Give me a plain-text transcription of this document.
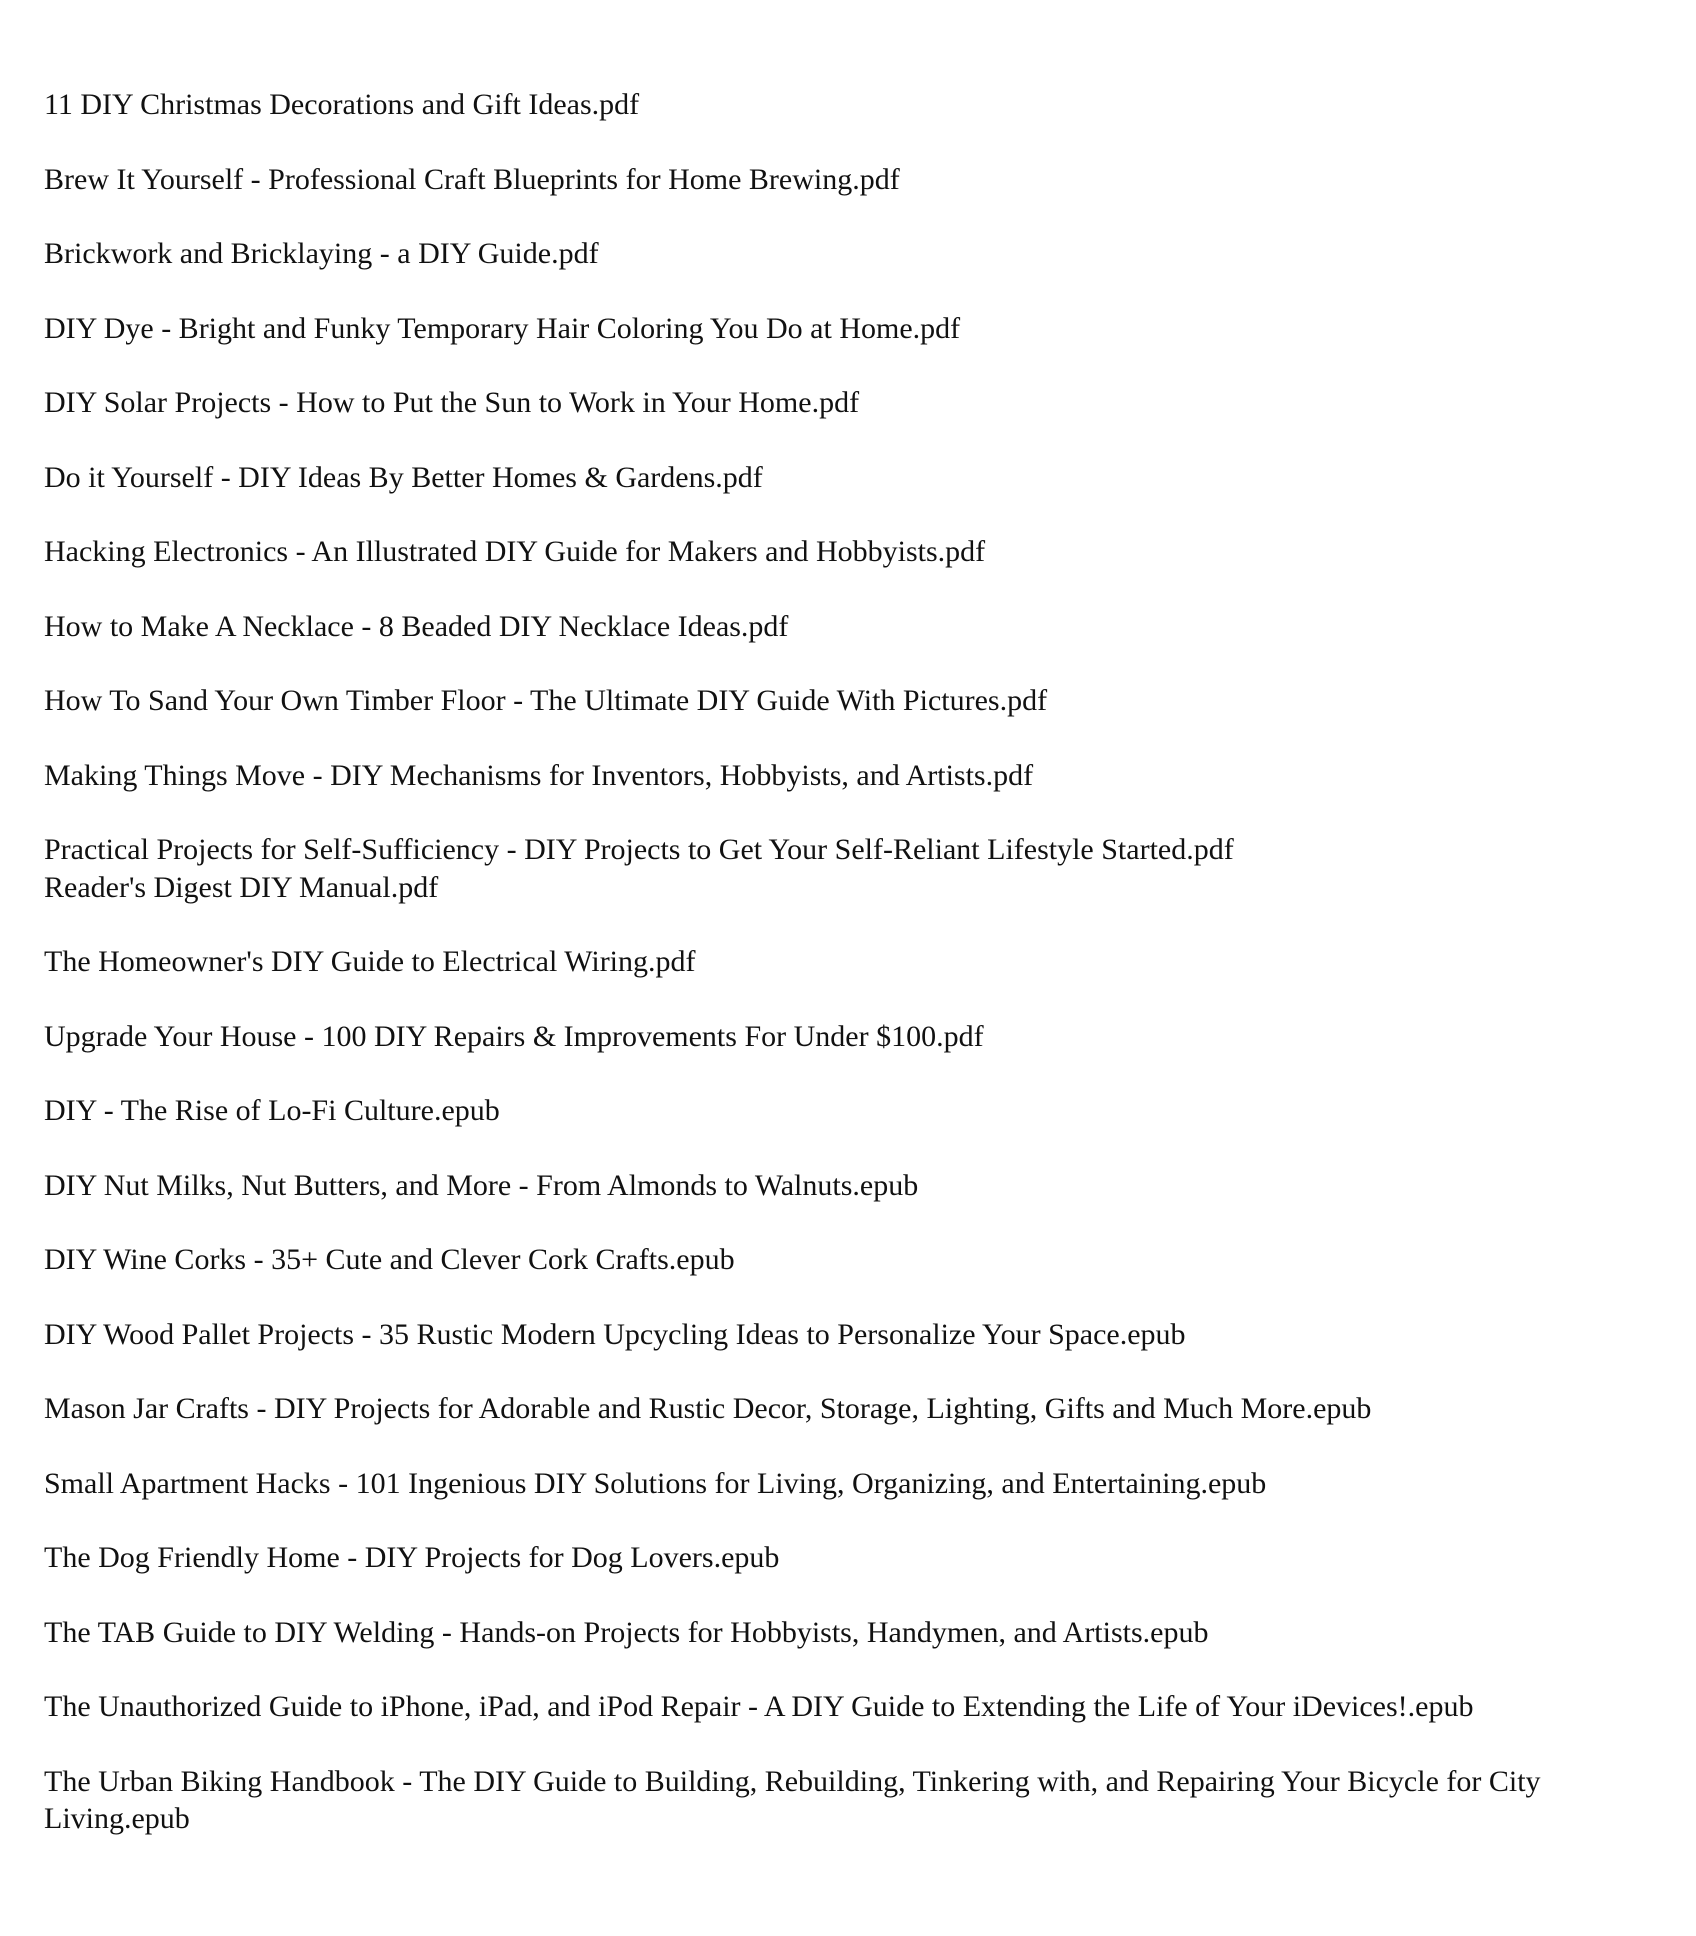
11 DIY Christmas Decorations and Gift Ideas.pdf
Brew It Yourself - Professional Craft Blueprints for Home Brewing.pdf
Brickwork and Bricklaying - a DIY Guide.pdf
DIY Dye - Bright and Funky Temporary Hair Coloring You Do at Home.pdf
DIY Solar Projects - How to Put the Sun to Work in Your Home.pdf
Do it Yourself - DIY Ideas By Better Homes & Gardens.pdf
Hacking Electronics - An Illustrated DIY Guide for Makers and Hobbyists.pdf
How to Make A Necklace - 8 Beaded DIY Necklace Ideas.pdf
How To Sand Your Own Timber Floor - The Ultimate DIY Guide With Pictures.pdf
Making Things Move - DIY Mechanisms for Inventors, Hobbyists, and Artists.pdf
Practical Projects for Self-Sufficiency - DIY Projects to Get Your Self-Reliant Lifestyle Started.pdf
Reader's Digest DIY Manual.pdf
The Homeowner's DIY Guide to Electrical Wiring.pdf
Upgrade Your House - 100 DIY Repairs & Improvements For Under $100.pdf
DIY - The Rise of Lo-Fi Culture.epub
DIY Nut Milks, Nut Butters, and More - From Almonds to Walnuts.epub
DIY Wine Corks - 35+ Cute and Clever Cork Crafts.epub
DIY Wood Pallet Projects - 35 Rustic Modern Upcycling Ideas to Personalize Your Space.epub
Mason Jar Crafts - DIY Projects for Adorable and Rustic Decor, Storage, Lighting, Gifts and Much More.epub
Small Apartment Hacks - 101 Ingenious DIY Solutions for Living, Organizing, and Entertaining.epub
The Dog Friendly Home - DIY Projects for Dog Lovers.epub
The TAB Guide to DIY Welding - Hands-on Projects for Hobbyists, Handymen, and Artists.epub
The Unauthorized Guide to iPhone, iPad, and iPod Repair - A DIY Guide to Extending the Life of Your iDevices!.epub
The Urban Biking Handbook - The DIY Guide to Building, Rebuilding, Tinkering with, and Repairing Your Bicycle for City Living.epub
